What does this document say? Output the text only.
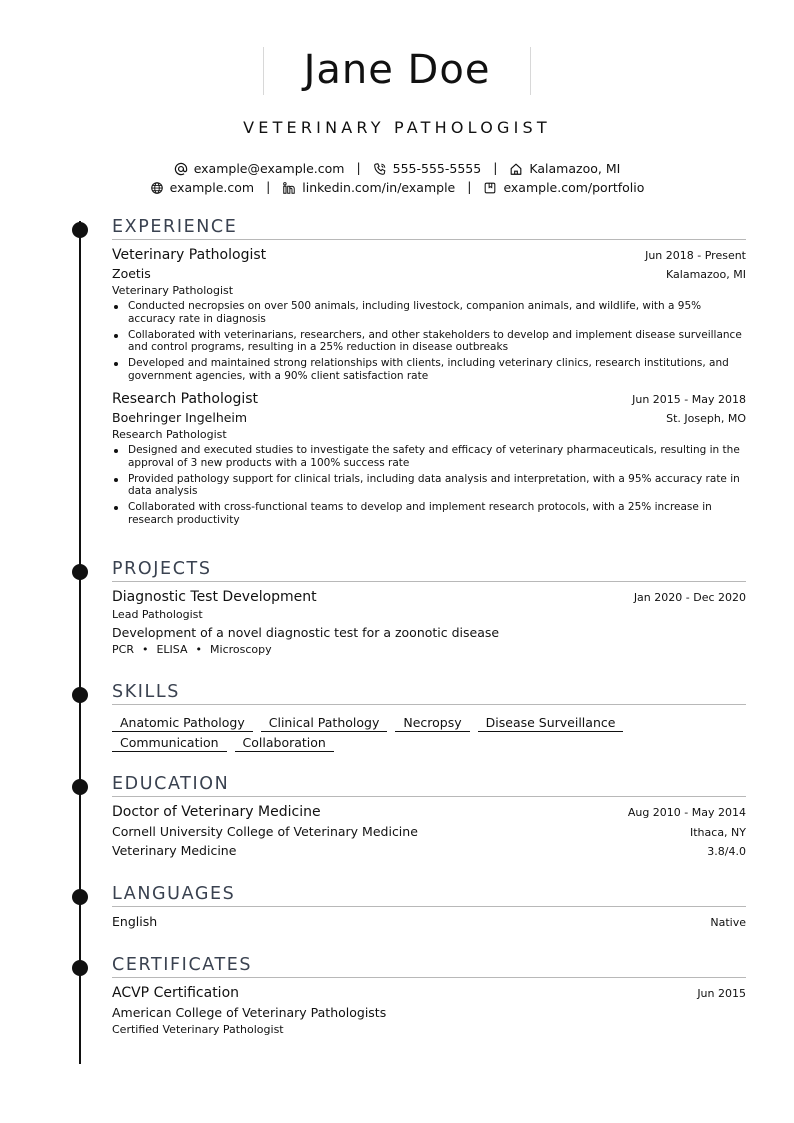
Jane Doe
VETERINARY PATHOLOGIST
example@example.com |	555-555-5555 |	Kalamazoo, MI
example.com |	linkedin.com/in/example |	example.com/portfolio
EXPERIENCE
Veterinary Pathologist	Jun 2018 - Present
Zoetis	Kalamazoo, MI
Veterinary Pathologist
Conducted necropsies on over 500 animals, including livestock, companion animals, and wildlife, with a 95% accuracy rate in diagnosis
Collaborated with veterinarians, researchers, and other stakeholders to develop and implement disease surveillance and control programs, resulting in a 25% reduction in disease outbreaks
Developed and maintained strong relationships with clients, including veterinary clinics, research institutions, and government agencies, with a 90% client satisfaction rate
Research Pathologist	Jun 2015 - May 2018
Boehringer Ingelheim	St. Joseph, MO
Research Pathologist
Designed and executed studies to investigate the safety and efficacy of veterinary pharmaceuticals, resulting in the approval of 3 new products with a 100% success rate
Provided pathology support for clinical trials, including data analysis and interpretation, with a 95% accuracy rate in data analysis
Collaborated with cross-functional teams to develop and implement research protocols, with a 25% increase in research productivity
PROJECTS
Diagnostic Test Development	Jan 2020 - Dec 2020
Lead Pathologist
Development of a novel diagnostic test for a zoonotic disease
PCR • ELISA • Microscopy
SKILLS
Anatomic Pathology Clinical Pathology Necropsy Disease Surveillance
Communication Collaboration
EDUCATION
Doctor of Veterinary Medicine	Aug 2010 - May 2014
Cornell University College of Veterinary Medicine	Ithaca, NY
Veterinary Medicine	3.8/4.0
LANGUAGES
English	Native
CERTIFICATES
ACVP Certification	Jun 2015
American College of Veterinary Pathologists
Certified Veterinary Pathologist
